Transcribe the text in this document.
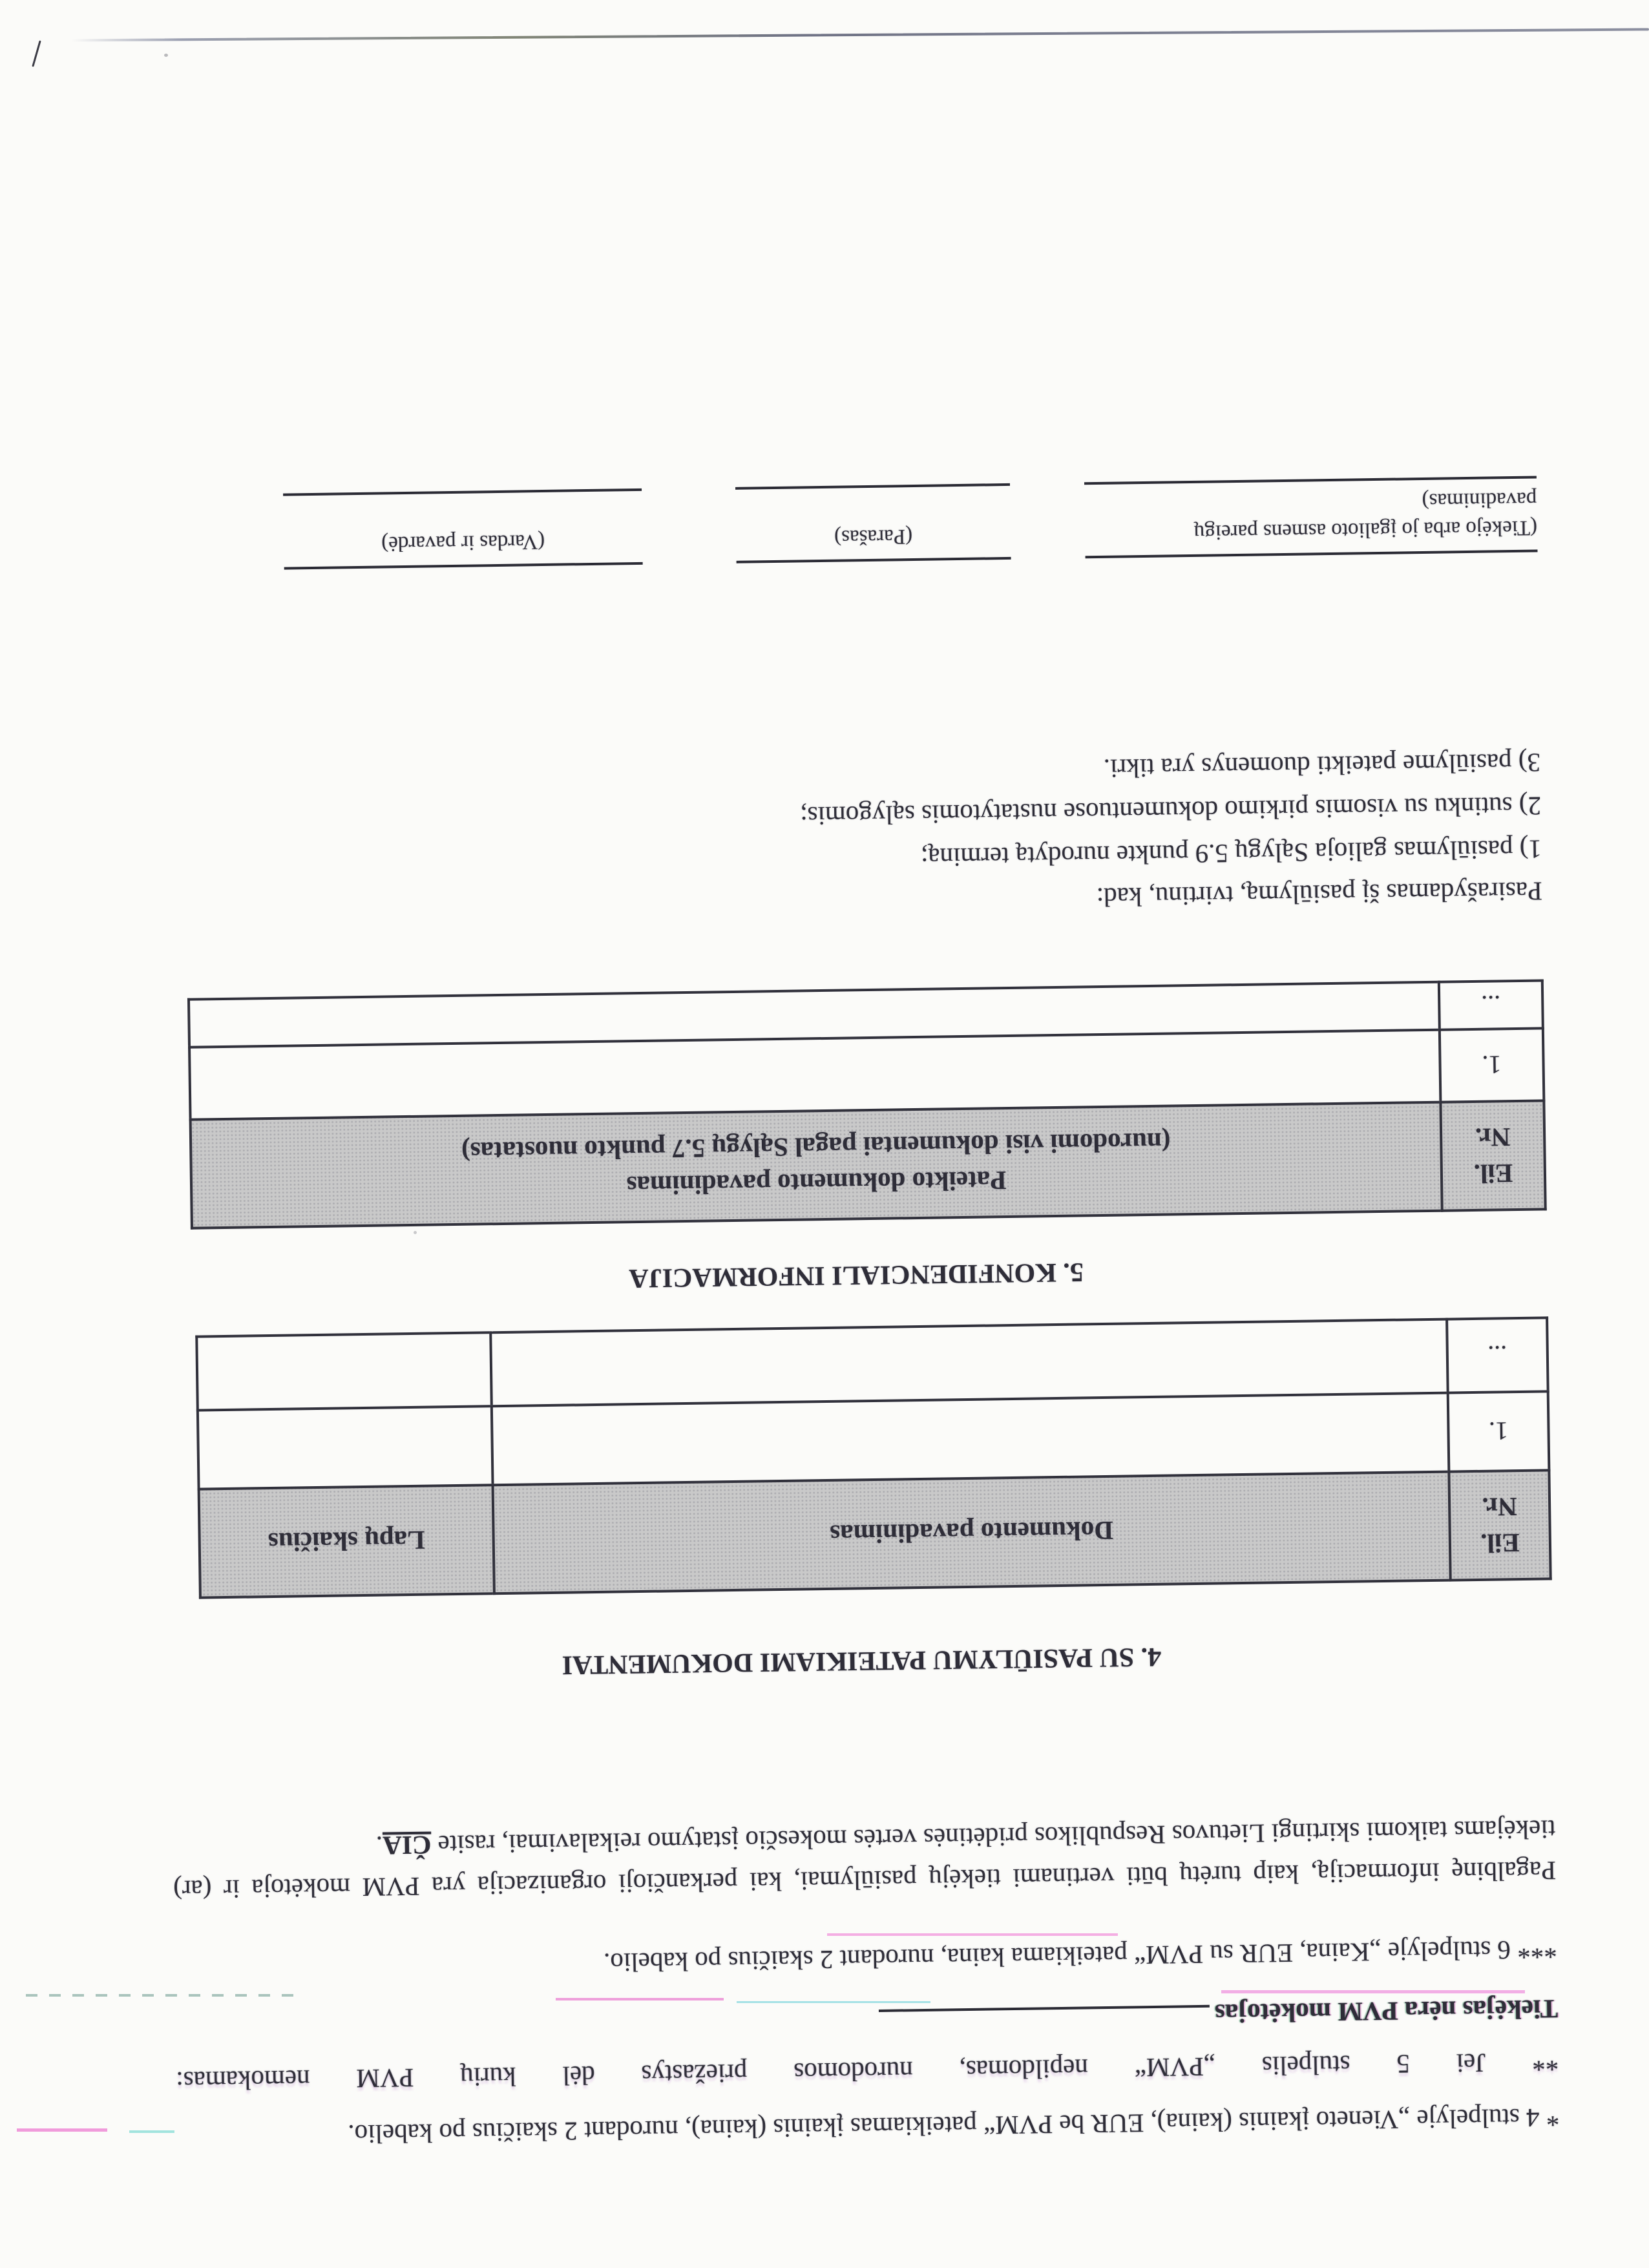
* 4 stulpelyje „Vieneto įkainis (kaina), EUR be PVM“ pateikiamas įkainis (kaina), nurodant 2 skaičius po kabelio.

** Jei 5 stulpelis „PVM“ nepildomas, nurodomos priežastys dėl kurių PVM nemokamas:

Tiekėjas nėra PVM mokėtojas

*** 6 stulpelyje „Kaina, EUR su PVM“ pateikiama kaina, nurodant 2 skaičius po kabelio.

Pagalbinę informaciją, kaip turėtų būti vertinami tiekėjų pasiūlymai, kai perkančioji organizacija yra PVM mokėtoja ir (ar) tiekėjams taikomi skirtingi Lietuvos Respublikos pridėtinės vertės mokesčio įstatymo reikalavimai, rasite ČIA.

4. SU PASIŪLYMU PATEIKIAMI DOKUMENTAI

Eil.
Nr.	Dokumento pavadinimas	Lapų skaičius
1.		
...		

5. KONFIDENCIALI INFORMACIJA

Eil.
Nr.	Pateikto dokumento pavadinimas
(nurodomi visi dokumentai pagal Sąlygų 5.7 punkto nuostatas)

1.	
...	

Pasirašydamas šį pasiūlymą, tvirtinu, kad:

1) pasiūlymas galioja Sąlygų 5.9 punkte nurodytą terminą;

2) sutinku su visomis pirkimo dokumentuose nustatytomis sąlygomis;

3) pasiūlyme pateikti duomenys yra tikri.

(Tiekėjo arba jo įgalioto asmens pareigų
pavadinimas)
(Parašas)
(Vardas ir pavardė)
